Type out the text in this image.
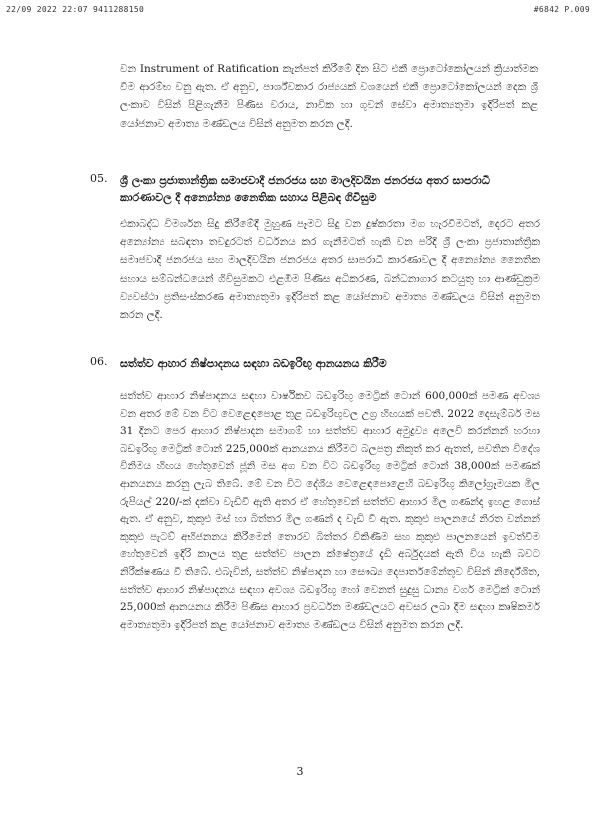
22/09 2022 22:07 9411288150	#6842 P.009

වන Instrument of Ratification කැන්පත් කිරීමේ දින සිට එකී ප්‍රොටෝකෝලයන් ක්‍රියාත්මක වීම ආරම්භ වනු ඇත. ඒ අනුව, පාර්ශ්වකාර රාජ්‍යයක් වශයෙන් එකී ප්‍රොටෝකෝලයන් දෙක ශ්‍රී ලංකාව විසින් පිළිගැනීම පිණිස වරාය, නාවික හා ගුවන් සේවා අමාත්‍යතුමා ඉදිරිපත් කළ යෝජනාව අමාත්‍ය මණ්ඩලය විසින් අනුමත කරන ලදී.

05. ශ්‍රී ලංකා ප්‍රජාතාන්ත්‍රික සමාජවාදී ජනරජය සහ මාලදිවයින ජනරජය අතර සාපරාධී කාරණාවල දී අන්‍යෝන්‍ය නෛතික සහාය පිළිබඳ ගිවිසුම

එකාබද්ධ විමර්ශන සිදු කිරීමේදී මුහුණ පෑමට සිදු වන දුෂ්කරතා මග හැරවීමටත්, දෙරට අතර අන්‍යෝන්‍ය සබඳතා තවදුරටත් වර්ධනය කර ගැනීමටත් හැකි වන පරිදි ශ්‍රී ලංකා ප්‍රජාතාන්ත්‍රික සමාජවාදී ජනරජය සහ මාලදිවයින ජනරජය අතර සාපරාධී කාරණාවල දී අන්‍යෝන්‍ය නෛතික සහාය සම්බන්ධයෙන් ගිවිසුමකට එළඹීම පිණිස අධිකරණ, බන්ධනාගාර කටයුතු හා ආණ්ඩුක්‍රම ව්‍යවස්ථා ප්‍රතිසංස්කරණ අමාත්‍යතුමා ඉදිරිපත් කළ යෝජනාව අමාත්‍ය මණ්ඩලය විසින් අනුමත කරන ලදී.

06. සත්ත්ව ආහාර නිෂ්පාදනය සඳහා බඩඉරිඟු ආනයනය කිරීම

සත්ත්ව ආහාර නිෂ්පාදනය සඳහා වාර්ෂිකව බඩඉරිඟු මෙට්‍රික් ටොන් 600,000ක් පමණ අවශ්‍ය වන අතර මේ වන විට වෙළෙඳපොළ තුළ බඩඉරිඟුවල උග්‍ර හිඟයක් පවතී. 2022 දෙසැම්බර් මස 31 දිනට පෙර ආහාර නිෂ්පාදන සමාගම් හා සත්ත්ව ආහාර අමුද්‍රව්‍ය අලෙවි කරන්නන් හරහා බඩඉරිඟු මෙට්‍රික් ටොන් 225,000ක් ආනයනය කිරීමට බලපත්‍ර නිකුත් කර ඇතත්, පවතින විදේශ විනිමය හිඟය හේතුවෙන් ජූනි මස අග වන විට බඩඉරිඟු මෙට්‍රික් ටොන් 38,000ක් පමණක් ආනයනය කරනු ලැබ තිබේ. මේ වන විට දේශීය වෙළෙඳපොළෙහි බඩඉරිඟු කිලෝග්‍රෑමයක මිල රුපියල් 220/-ක් දක්වා වැඩිවී ඇති අතර ඒ හේතුවෙන් සත්ත්ව ආහාර මිල ගණන්ද ඉහළ ගොස් ඇත. ඒ අනුව, කුකුළු මස් හා බිත්තර මිල ගණන් ද වැඩි වී ඇත. කුකුළු පාලනයේ නිරත වන්නන් කුකුළු පැටව් අභිජනනය කිරීමෙන් තොරව බිත්තර විකිණීම සහ කුකුළු පාලනයෙන් ඉවත්වීම හේතුවෙන් ඉදිරි කාලය තුළ සත්ත්ව පාලන ක්ෂේත්‍රයේ දැඩි අර්බුදයක් ඇති විය හැකි බවට නිරීක්ෂණය වී තිබේ. එබැවින්, සත්ත්ව නිෂ්පාදන හා සෞඛ්‍ය දෙපාර්තමේන්තුව විසින් නිර්දේශිත, සත්ත්ව ආහාර නිෂ්පාදනය සඳහා අවශ්‍ය බඩඉරිඟු හෝ වෙනත් සුදුසු ධාන්‍ය වර්ග මෙට්‍රික් ටොන් 25,000ක් ආනයනය කිරීම පිණිස ආහාර ප්‍රවර්ධන මණ්ඩලයට අවසර ලබා දීම සඳහා කෘෂිකර්ම අමාත්‍යතුමා ඉදිරිපත් කළ යෝජනාව අමාත්‍ය මණ්ඩලය විසින් අනුමත කරන ලදී.

3
